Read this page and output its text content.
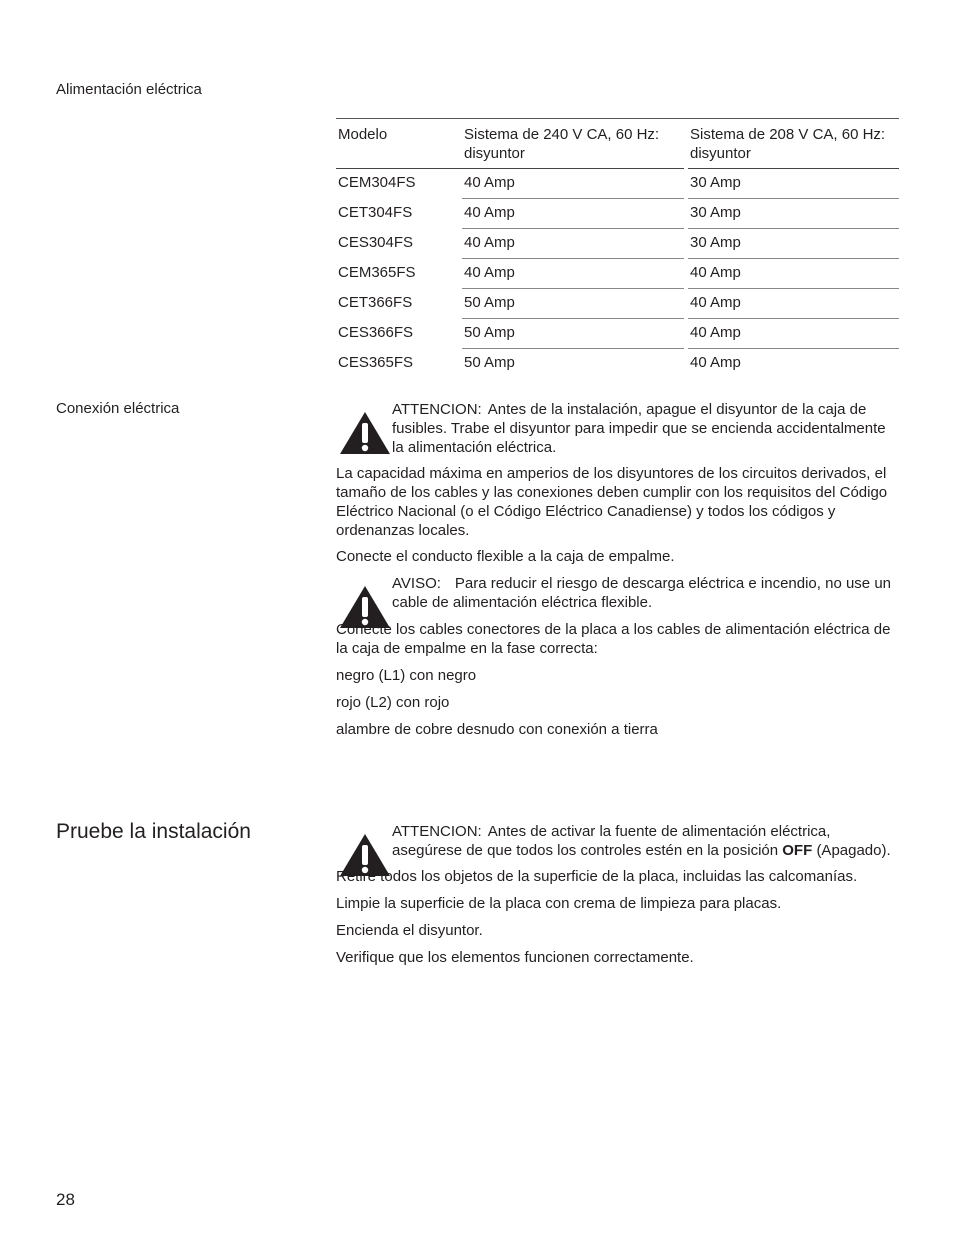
Alimentación eléctrica
Modelo	Sistema de 240 V CA, 60 Hz: disyuntor		Sistema de 208 V CA, 60 Hz: disyuntor
CEM304FS	40 Amp		30 Amp
CET304FS	40 Amp		30 Amp
CES304FS	40 Amp		30 Amp
CEM365FS	40 Amp		40 Amp
CET366FS	50 Amp		40 Amp
CES366FS	50 Amp		40 Amp
CES365FS	50 Amp		40 Amp
Conexión eléctrica	ATTENCION: Antes de la instalación, apague el disyuntor de la caja de fusibles. Trabe el disyuntor para impedir que se encienda accidentalmente la alimentación eléctrica.

La capacidad máxima en amperios de los disyuntores de los circuitos derivados, el tamaño de los cables y las conexiones deben cumplir con los requisitos del Código Eléctrico Nacional (o el Código Eléctrico Canadiense) y todos los códigos y ordenanzas locales.

Conecte el conducto flexible a la caja de empalme.

AVISO: Para reducir el riesgo de descarga eléctrica e incendio, no use un cable de alimentación eléctrica flexible.

Conecte los cables conectores de la placa a los cables de alimentación eléctrica de la caja de empalme en la fase correcta:

negro (L1) con negro
rojo (L2) con rojo
alambre de cobre desnudo con conexión a tierra
Pruebe la instalación	ATTENCION: Antes de activar la fuente de alimentación eléctrica, asegúrese de que todos los controles estén en la posición OFF (Apagado).
Retire todos los objetos de la superficie de la placa, incluidas las calcomanías.
Limpie la superficie de la placa con crema de limpieza para placas.
Encienda el disyuntor.
Verifique que los elementos funcionen correctamente.
28
